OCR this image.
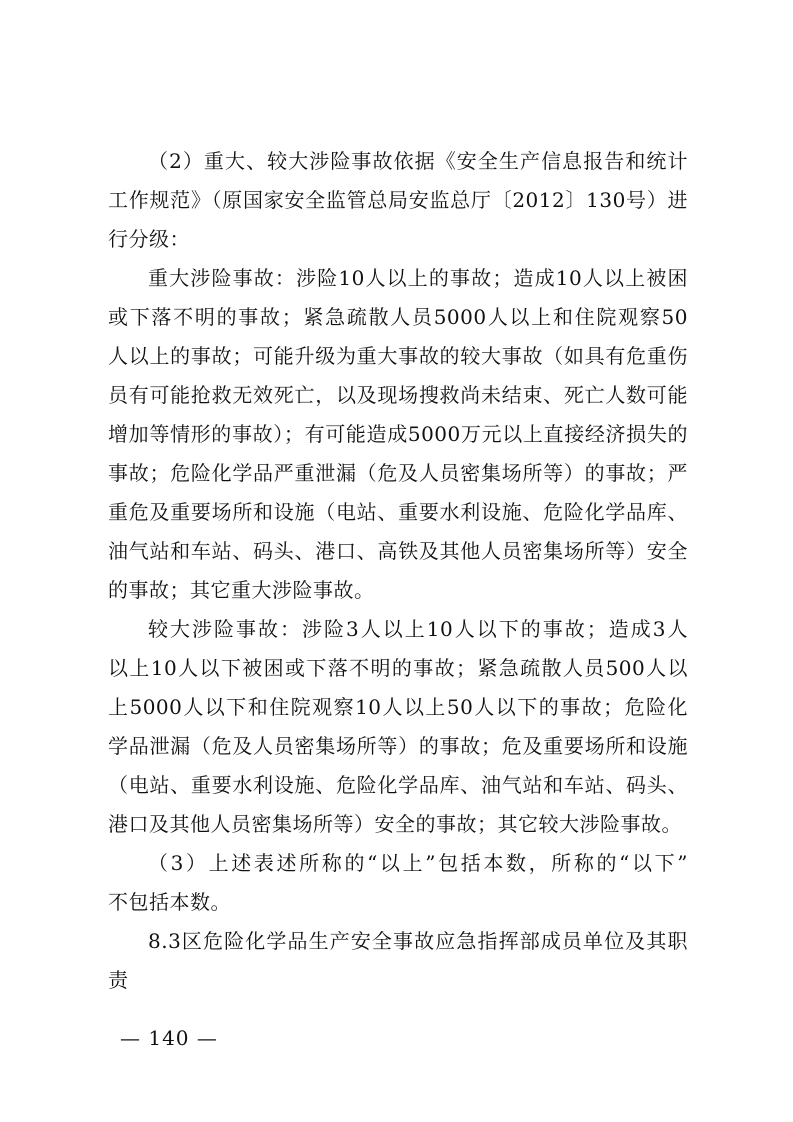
（2）重大、较大涉险事故依据《安全生产信息报告和统计
工作规范》（原国家安全监管总局安监总厅〔2012〕130号）进
行分级：
重大涉险事故：涉险10人以上的事故；造成10人以上被困
或下落不明的事故；紧急疏散人员5000人以上和住院观察50
人以上的事故；可能升级为重大事故的较大事故（如具有危重伤
员有可能抢救无效死亡，以及现场搜救尚未结束、死亡人数可能
增加等情形的事故）；有可能造成5000万元以上直接经济损失的
事故；危险化学品严重泄漏（危及人员密集场所等）的事故；严
重危及重要场所和设施（电站、重要水利设施、危险化学品库、
油气站和车站、码头、港口、高铁及其他人员密集场所等）安全
的事故；其它重大涉险事故。
较大涉险事故：涉险3人以上10人以下的事故；造成3人
以上10人以下被困或下落不明的事故；紧急疏散人员500人以
上5000人以下和住院观察10人以上50人以下的事故；危险化
学品泄漏（危及人员密集场所等）的事故；危及重要场所和设施
（电站、重要水利设施、危险化学品库、油气站和车站、码头、
港口及其他人员密集场所等）安全的事故；其它较大涉险事故。
（3）上述表述所称的“以上”包括本数，所称的“以下”
不包括本数。
8.3区危险化学品生产安全事故应急指挥部成员单位及其职
责
— 140 —
